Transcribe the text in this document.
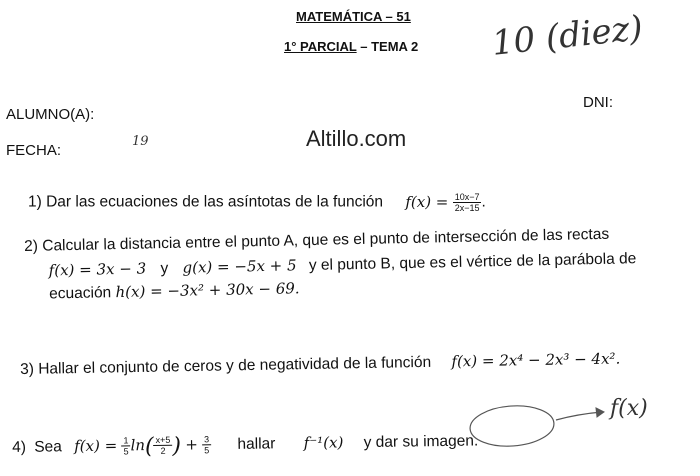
MATEMÁTICA – 51
1° PARCIAL – TEMA 2 10 (diez)
ALUMNO(A):
DNI:
FECHA:
19	Altillo.com
1) Dar las ecuaciones de las asíntotas de la función $f(x) = \frac{10x-7}{2x-15}$ .
2) Calcular la distancia entre el punto A, que es el punto de intersección de las rectas
f(x) = 3x − 3 y g(x) = −5x + 5 y el punto B, que es el vértice de la parábola de
ecuación h(x) = −3x² + 30x − 69.
3) Hallar el conjunto de ceros y de negatividad de la función f(x) = 2x⁴ − 2x³ − 4x².
4) Sea $f(x) = \frac{1}{5} \ln( \frac{x+5}{2}$ ) + $\frac{3}{5}$ hallar f⁻¹(x) y dar su imagen.
f(x)
